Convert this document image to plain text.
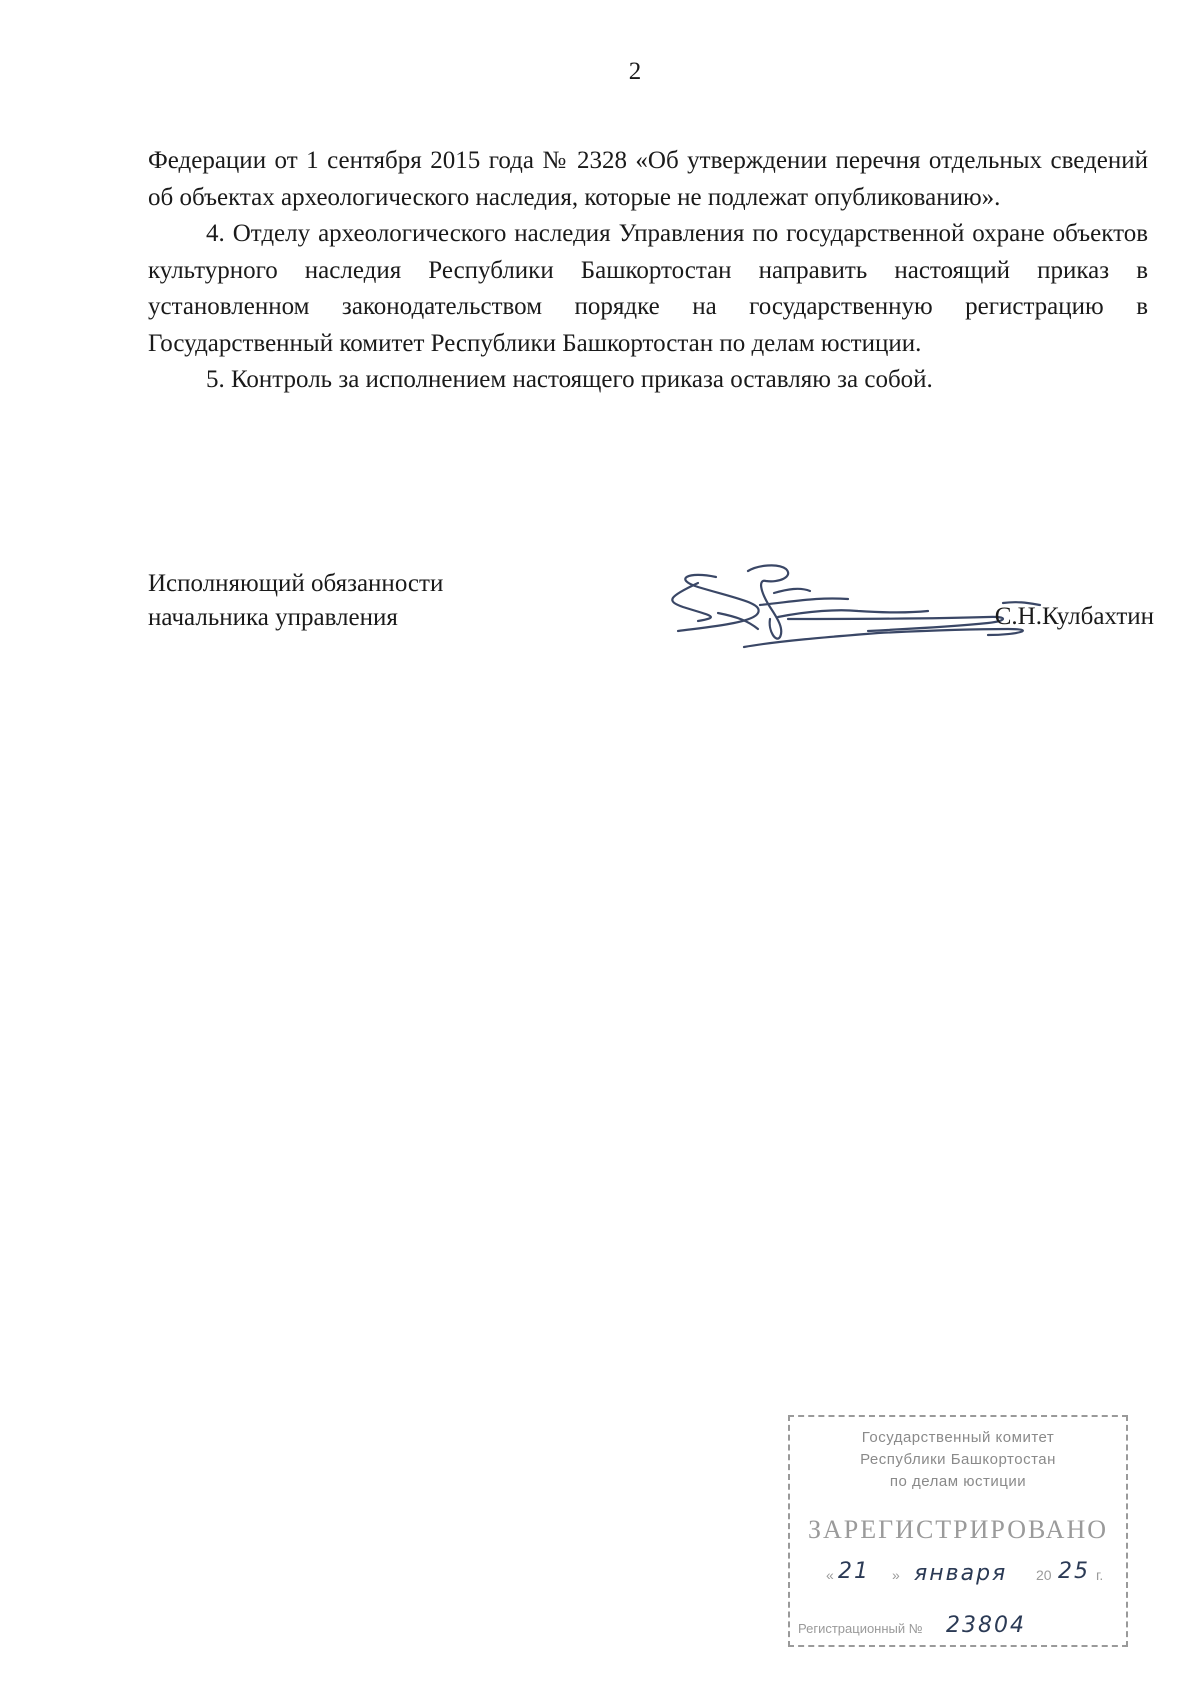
2

Федерации от 1 сентября 2015 года № 2328 «Об утверждении перечня отдельных сведений об объектах археологического наследия, которые не подлежат опубликованию».

4. Отделу археологического наследия Управления по государственной охране объектов культурного наследия Республики Башкортостан направить настоящий приказ в установленном законодательством порядке на государственную регистрацию в Государственный комитет Республики Башкортостан по делам юстиции.

5. Контроль за исполнением настоящего приказа оставляю за собой.

Исполняющий обязанности
начальника управления	С.Н.Кулбахтин
Государственный комитет
Республики Башкортостан
по делам юстиции
ЗАРЕГИСТРИРОВАНО
« 21 » января 20 25 г.
Регистрационный № 23804
